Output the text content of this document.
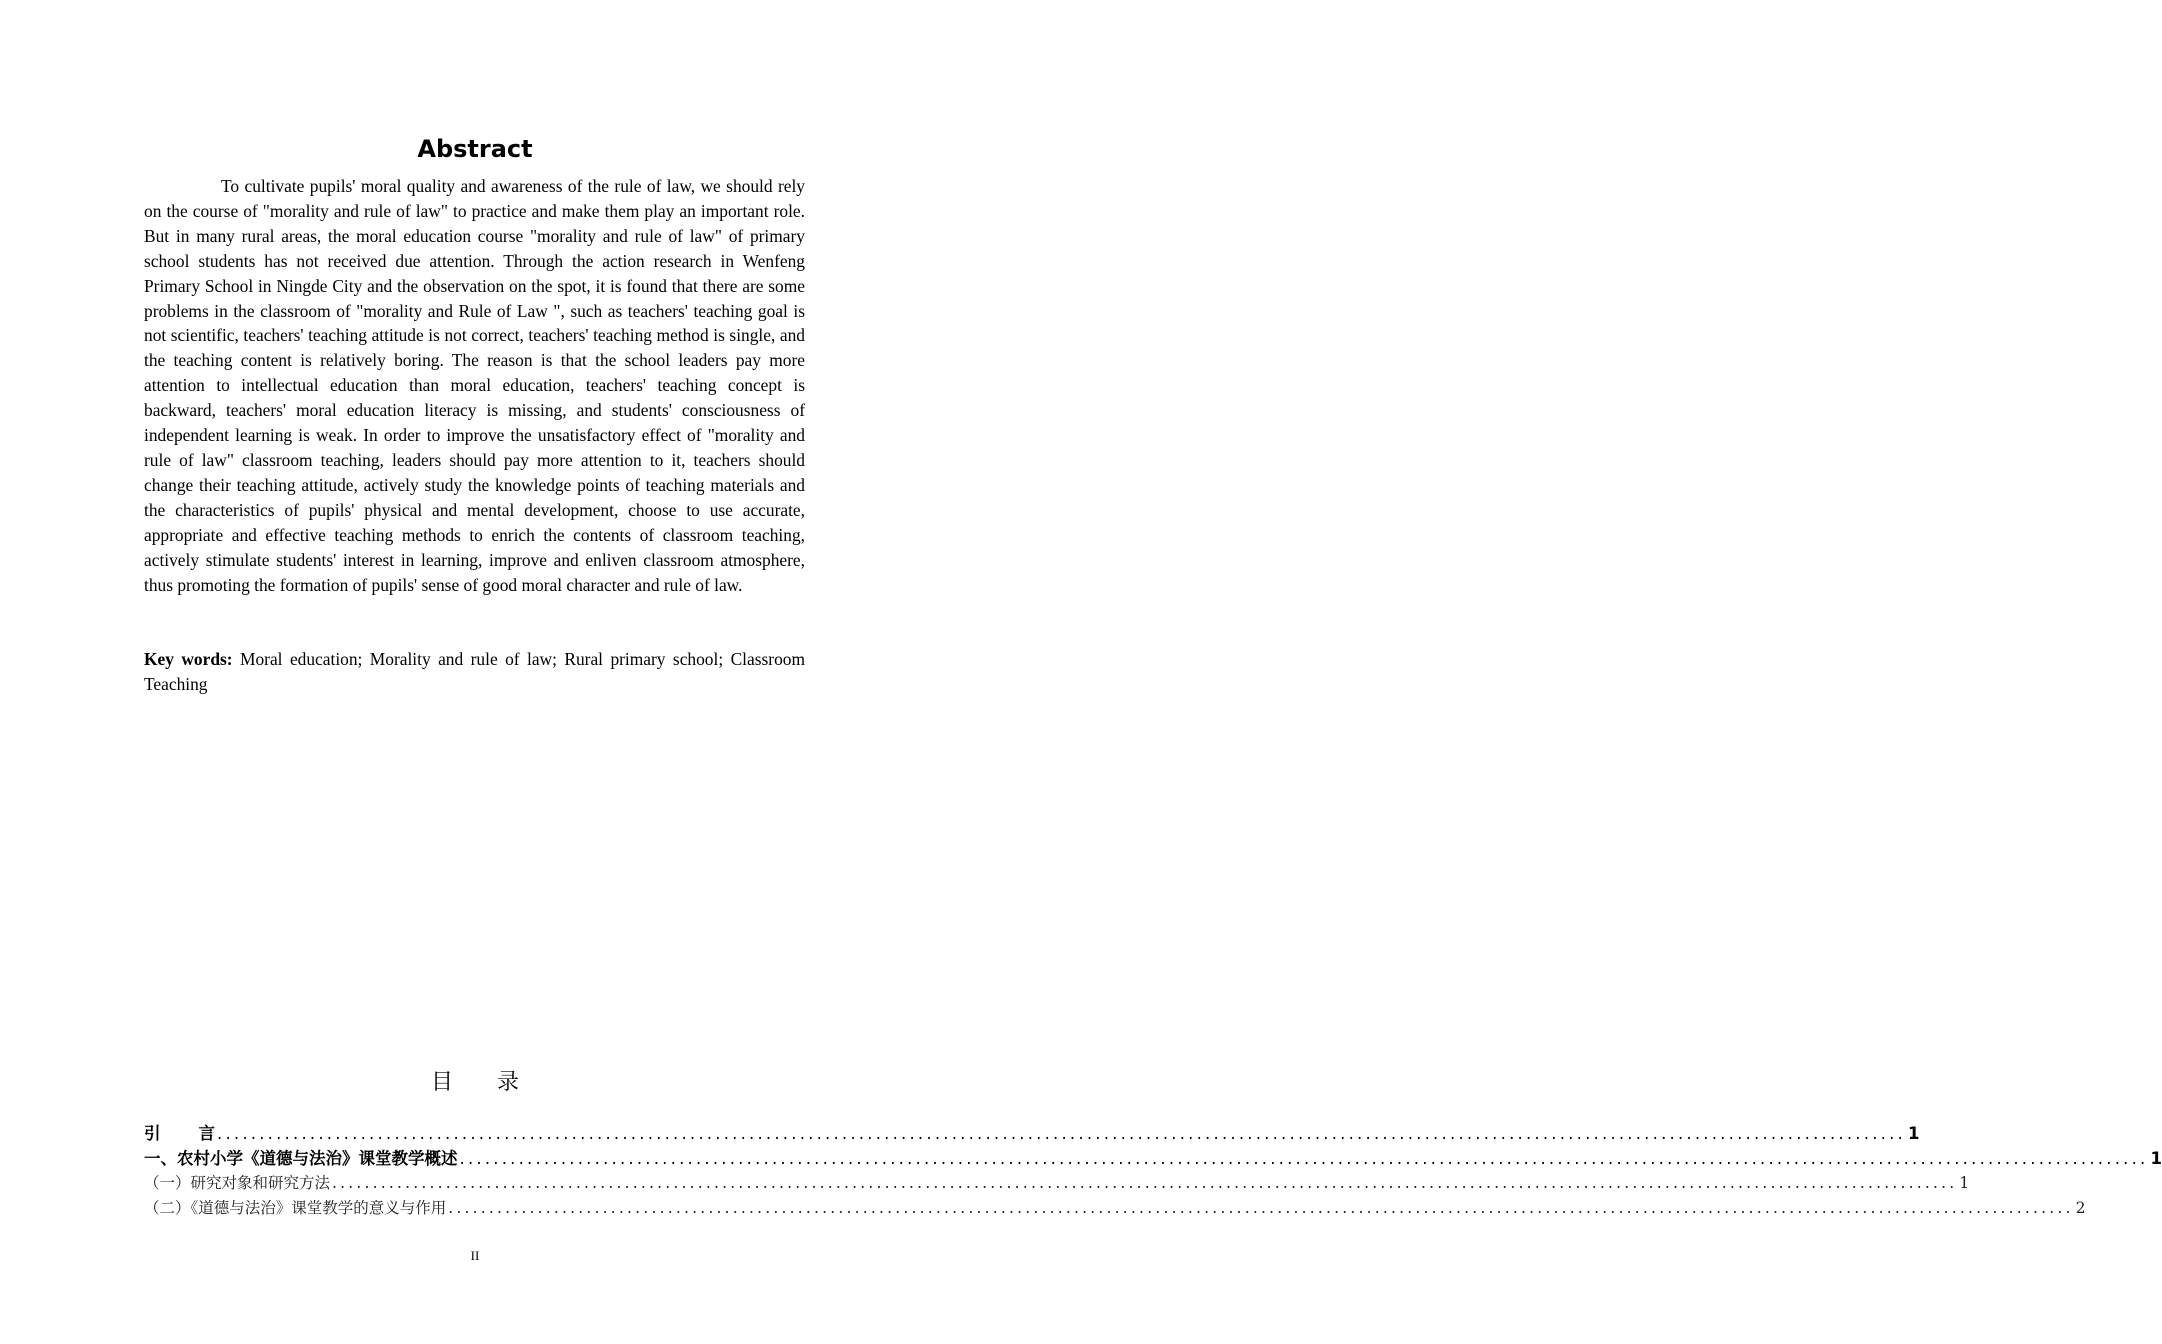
Abstract

To cultivate pupils' moral quality and awareness of the rule of law, we should rely on the course of "morality and rule of law" to practice and make them play an important role. But in many rural areas, the moral education course "morality and rule of law" of primary school students has not received due attention. Through the action research in Wenfeng Primary School in Ningde City and the observation on the spot, it is found that there are some problems in the classroom of "morality and Rule of Law ", such as teachers' teaching goal is not scientific, teachers' teaching attitude is not correct, teachers' teaching method is single, and the teaching content is relatively boring. The reason is that the school leaders pay more attention to intellectual education than moral education, teachers' teaching concept is backward, teachers' moral education literacy is missing, and students' consciousness of independent learning is weak. In order to improve the unsatisfactory effect of "morality and rule of law" classroom teaching, leaders should pay more attention to it, teachers should change their teaching attitude, actively study the knowledge points of teaching materials and the characteristics of pupils' physical and mental development, choose to use accurate, appropriate and effective teaching methods to enrich the contents of classroom teaching, actively stimulate students' interest in learning, improve and enliven classroom atmosphere, thus promoting the formation of pupils' sense of good moral character and rule of law.

Key words: Moral education; Morality and rule of law; Rural primary school; Classroom Teaching

目 录
引 言 ........................................................................................................................................................................................................ 1
一、农村小学《道德与法治》课堂教学概述 ........................................................................................................................................................................................................ 1
（一）研究对象和研究方法 ........................................................................................................................................................................................................ 1
（二）《道德与法治》课堂教学的意义与作用 ........................................................................................................................................................................................................ 2
II
